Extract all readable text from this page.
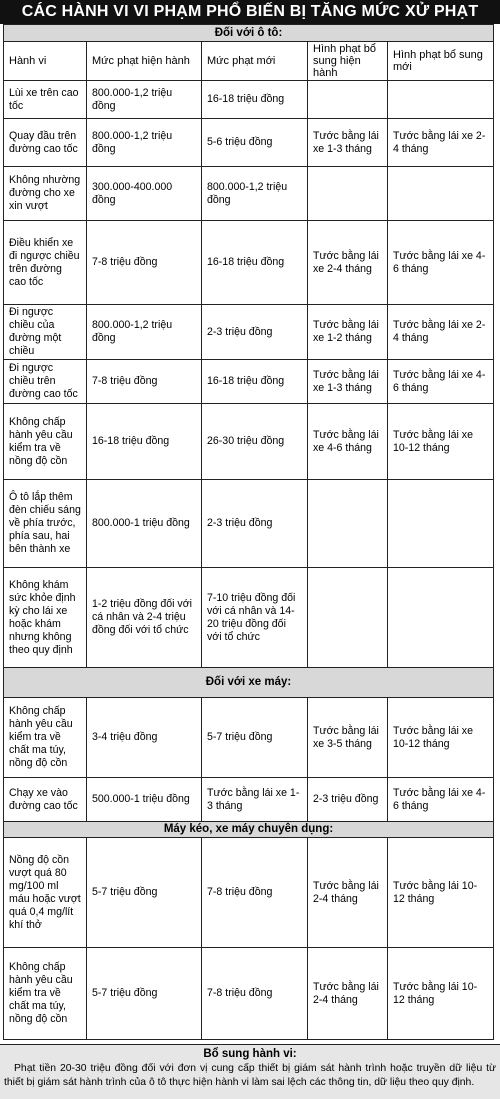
CÁC HÀNH VI VI PHẠM PHỔ BIẾN BỊ TĂNG MỨC XỬ PHẠT
Đối với ô tô:				
Hành vi	Mức phạt hiện hành	Mức phạt mới	Hình phạt bổ sung hiện hành	Hình phạt bổ sung mới
Lùi xe trên cao tốc	800.000-1,2 triệu đồng	16-18 triệu đồng		
Quay đầu trên đường cao tốc	800.000-1,2 triệu đồng	5-6 triệu đồng	Tước bằng lái xe 1-3 tháng	Tước bằng lái xe 2-4 tháng
Không nhường đường cho xe xin vượt	300.000-400.000 đồng	800.000-1,2 triệu đồng		
Điều khiển xe đi ngược chiều trên đường cao tốc	7-8 triệu đồng	16-18 triệu đồng	Tước bằng lái xe 2-4 tháng	Tước bằng lái xe 4-6 tháng
Đi ngược chiều của đường một chiều	800.000-1,2 triệu đồng	2-3 triệu đồng	Tước bằng lái xe 1-2 tháng	Tước bằng lái xe 2-4 tháng
Đi ngược chiều trên đường cao tốc	7-8 triệu đồng	16-18 triệu đồng	Tước bằng lái xe 1-3 tháng	Tước bằng lái xe 4-6 tháng
Không chấp hành yêu cầu kiểm tra về nồng độ cồn	16-18 triệu đồng	26-30 triệu đồng	Tước bằng lái xe 4-6 tháng	Tước bằng lái xe 10-12 tháng
Ô tô lắp thêm đèn chiếu sáng về phía trước, phía sau, hai bên thành xe	800.000-1 triệu đồng	2-3 triệu đồng		
Không khám sức khỏe định kỳ cho lái xe hoặc khám nhưng không theo quy định	1-2 triệu đồng đối với cá nhân và 2-4 triệu đồng đối với tổ chức	7-10 triệu đồng đối với cá nhân và 14-20 triệu đồng đối với tổ chức		
Đối với xe máy:				
Không chấp hành yêu cầu kiểm tra về chất ma túy, nồng độ cồn	3-4 triệu đồng	5-7 triệu đồng	Tước bằng lái xe 3-5 tháng	Tước bằng lái xe 10-12 tháng
Chạy xe vào đường cao tốc	500.000-1 triệu đồng	Tước bằng lái xe 1-3 tháng	2-3 triệu đồng	Tước bằng lái xe 4-6 tháng
Máy kéo, xe máy chuyên dụng:				
Nồng độ cồn vượt quá 80 mg/100 ml máu hoặc vượt quá 0,4 mg/lít khí thở	5-7 triệu đồng	7-8 triệu đồng	Tước bằng lái 2-4 tháng	Tước bằng lái 10-12 tháng
Không chấp hành yêu cầu kiểm tra về chất ma túy, nồng độ cồn	5-7 triệu đồng	7-8 triệu đồng	Tước bằng lái 2-4 tháng	Tước bằng lái 10-12 tháng
Bổ sung hành vi:
Phạt tiền 20-30 triệu đồng đối với đơn vị cung cấp thiết bị giám sát hành trình hoặc truyền dữ liệu từ thiết bị giám sát hành trình của ô tô thực hiện hành vi làm sai lệch các thông tin, dữ liệu theo quy định.
